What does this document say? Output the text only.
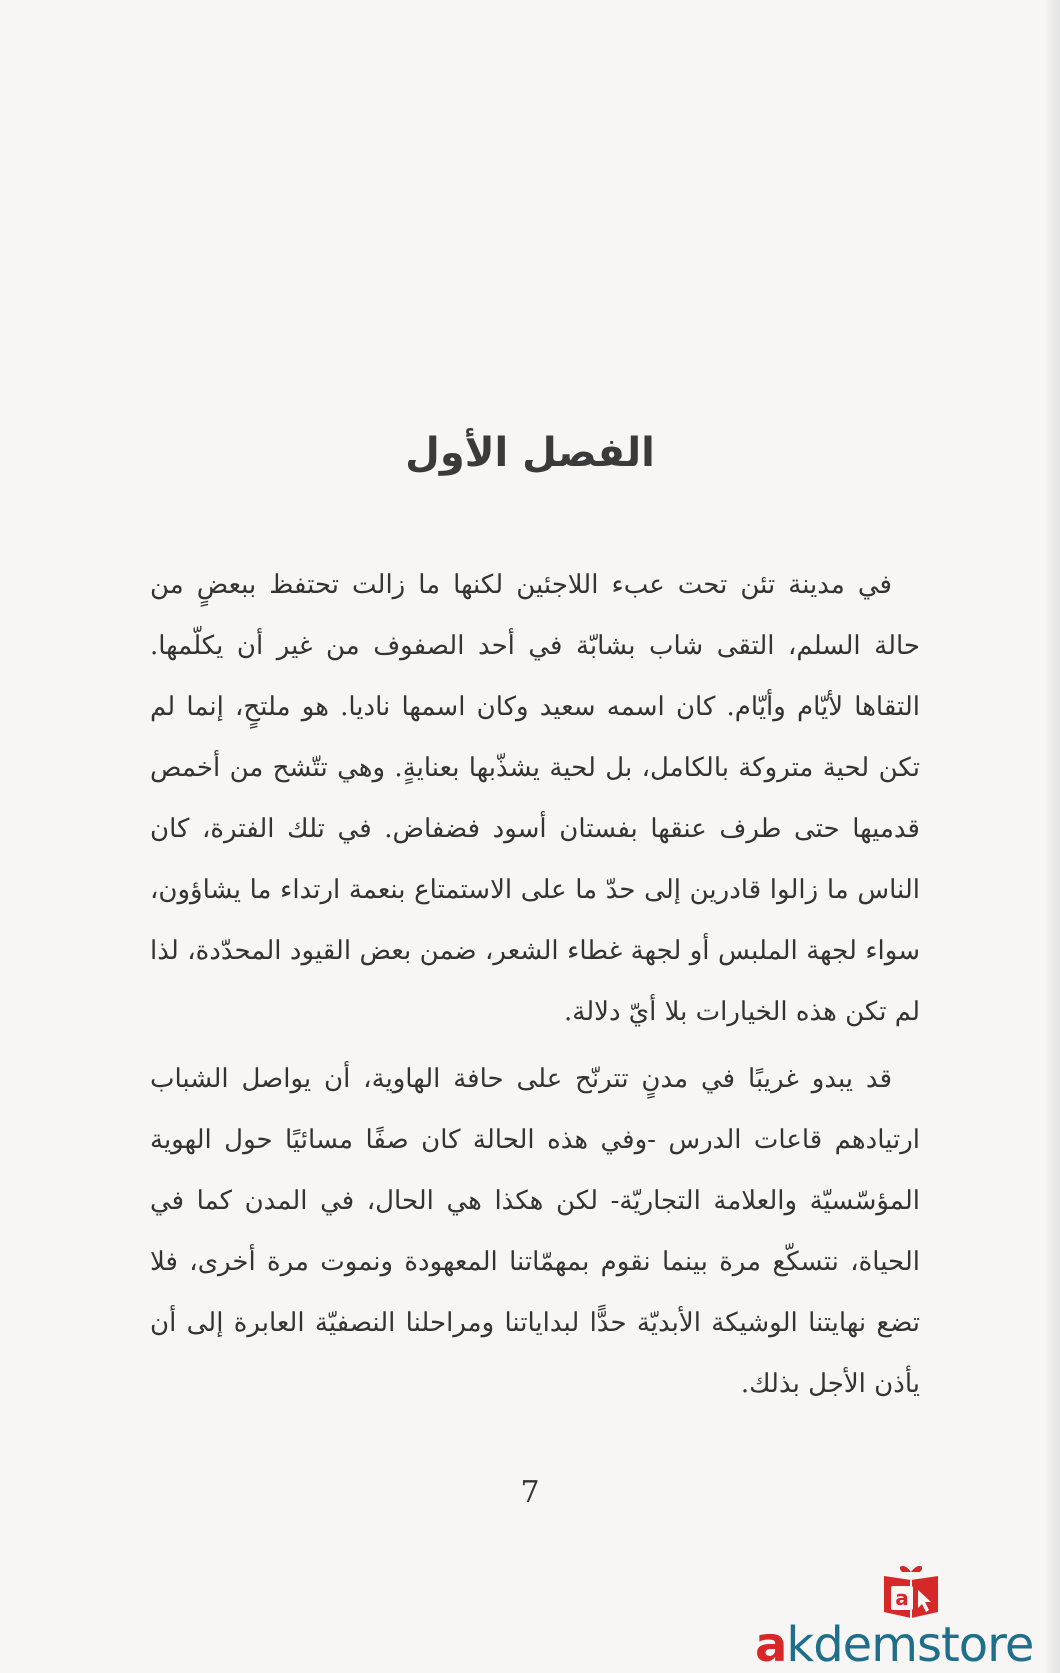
الفصل الأول

في مدينة تئن تحت عبء اللاجئين لكنها ما زالت تحتفظ ببعضٍ من حالة السلم، التقى شاب بشابّة في أحد الصفوف من غير أن يكلّمها. التقاها لأيّام وأيّام. كان اسمه سعيد وكان اسمها ناديا. هو ملتحٍ، إنما لم تكن لحية متروكة بالكامل، بل لحية يشذّبها بعنايةٍ. وهي تتّشح من أخمص قدميها حتى طرف عنقها بفستان أسود فضفاض. في تلك الفترة، كان الناس ما زالوا قادرين إلى حدّ ما على الاستمتاع بنعمة ارتداء ما يشاؤون، سواء لجهة الملبس أو لجهة غطاء الشعر، ضمن بعض القيود المحدّدة، لذا لم تكن هذه الخيارات بلا أيّ دلالة.

قد يبدو غريبًا في مدنٍ تترنّح على حافة الهاوية، أن يواصل الشباب ارتيادهم قاعات الدرس -وفي هذه الحالة كان صفًا مسائيًا حول الهوية المؤسّسيّة والعلامة التجاريّة- لكن هكذا هي الحال، في المدن كما في الحياة، نتسكّع مرة بينما نقوم بمهمّاتنا المعهودة ونموت مرة أخرى، فلا تضع نهايتنا الوشيكة الأبديّة حدًّا لبداياتنا ومراحلنا النصفيّة العابرة إلى أن يأذن الأجل بذلك.

7
a
akdemstore
